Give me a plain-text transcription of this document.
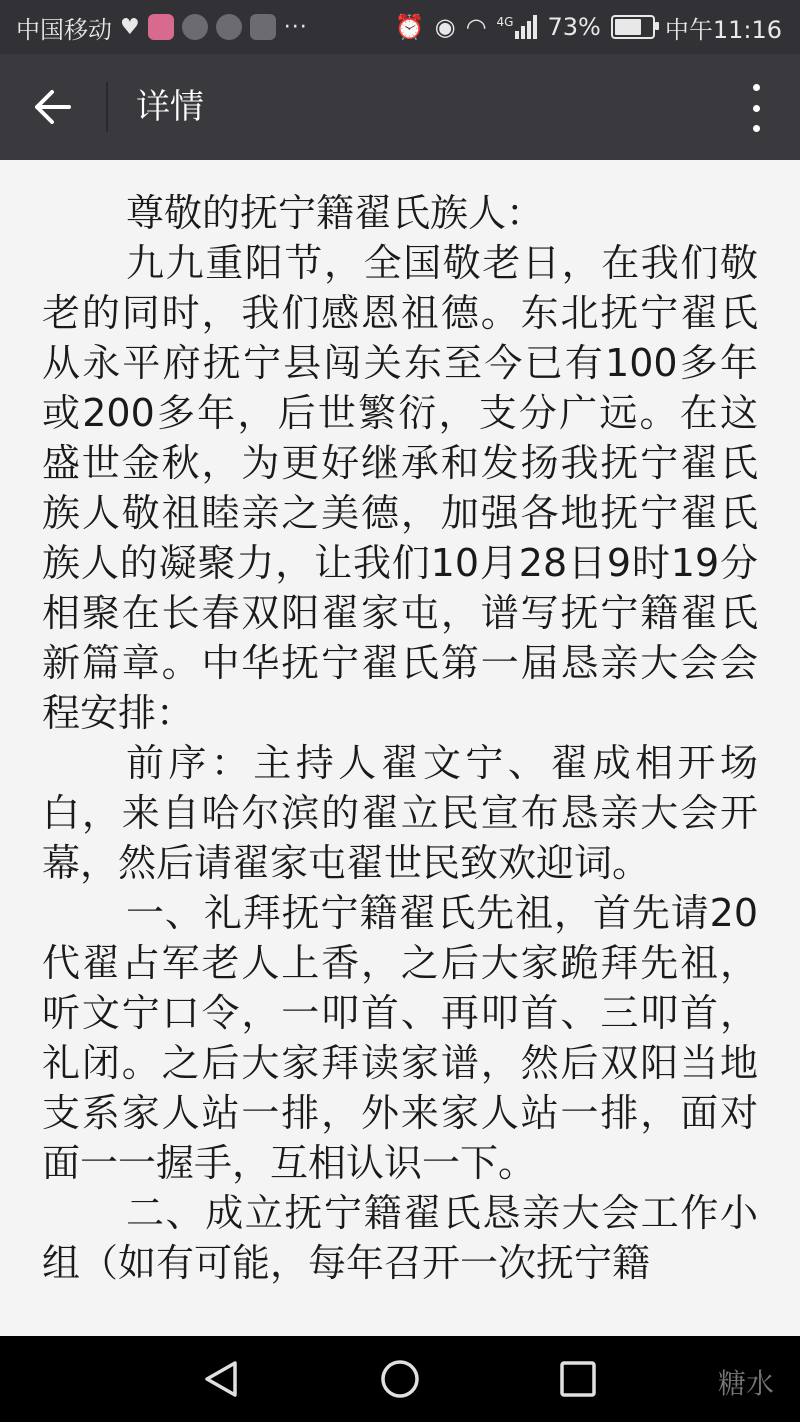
中国移动 ♥	···	⏰ ◉ ◠ 4G 73%	中午11:16
详情

尊敬的抚宁籍翟氏族人：

九九重阳节，全国敬老日，在我们敬老的同时，我们感恩祖德。东北抚宁翟氏从永平府抚宁县闯关东至今已有100多年或200多年，后世繁衍，支分广远。在这盛世金秋，为更好继承和发扬我抚宁翟氏族人敬祖睦亲之美德，加强各地抚宁翟氏族人的凝聚力，让我们10月28日9时19分相聚在长春双阳翟家屯，谱写抚宁籍翟氏新篇章。中华抚宁翟氏第一届恳亲大会会程安排：

前序：主持人翟文宁、翟成相开场白，来自哈尔滨的翟立民宣布恳亲大会开幕，然后请翟家屯翟世民致欢迎词。

一、礼拜抚宁籍翟氏先祖，首先请20代翟占军老人上香，之后大家跪拜先祖，听文宁口令，一叩首、再叩首、三叩首，礼闭。之后大家拜读家谱，然后双阳当地支系家人站一排，外来家人站一排，面对面一一握手，互相认识一下。

二、成立抚宁籍翟氏恳亲大会工作小组（如有可能，每年召开一次抚宁籍

糖水
